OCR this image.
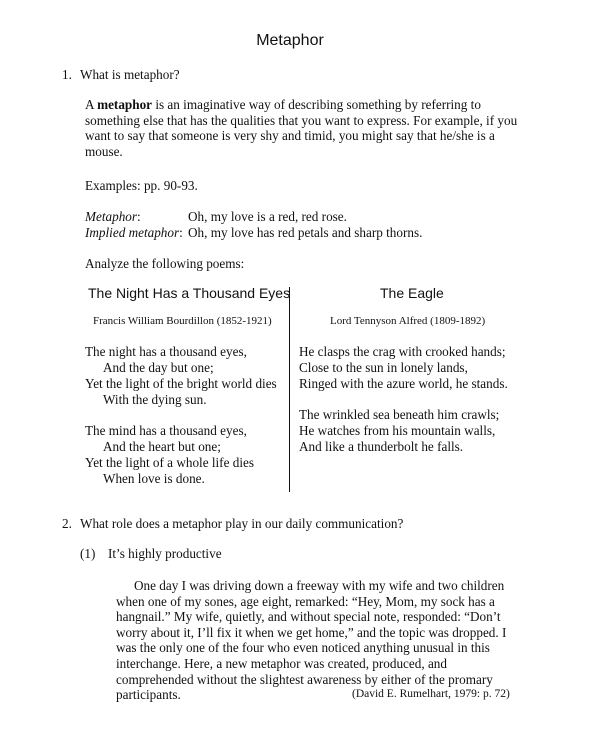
Metaphor
1. What is metaphor?
A metaphor is an imaginative way of describing something by referring to something else that has the qualities that you want to express. For example, if you want to say that someone is very shy and timid, you might say that he/she is a mouse.
Examples: pp. 90-93.
Metaphor:	Oh, my love is a red, red rose.
Implied metaphor: Oh, my love has red petals and sharp thorns.
Analyze the following poems:
The Night Has a Thousand Eyes	The Eagle
Francis William Bourdillon (1852-1921)	Lord Tennyson Alfred (1809-1892)
The night has a thousand eyes,
And the day but one;
Yet the light of the bright world dies
With the dying sun.
The mind has a thousand eyes,
And the heart but one;
Yet the light of a whole life dies
When love is done.
He clasps the crag with crooked hands;
Close to the sun in lonely lands,
Ringed with the azure world, he stands.
The wrinkled sea beneath him crawls;
He watches from his mountain walls,
And like a thunderbolt he falls.
2. What role does a metaphor play in our daily communication?
(1) It’s highly productive
One day I was driving down a freeway with my wife and two children when one of my sones, age eight, remarked: “Hey, Mom, my sock has a hangnail.” My wife, quietly, and without special note, responded: “Don’t worry about it, I’ll fix it when we get home,” and the topic was dropped. I was the only one of the four who even noticed anything unusual in this interchange. Here, a new metaphor was created, produced, and comprehended without the slightest awareness by either of the promary participants.	(David E. Rumelhart, 1979: p. 72)
